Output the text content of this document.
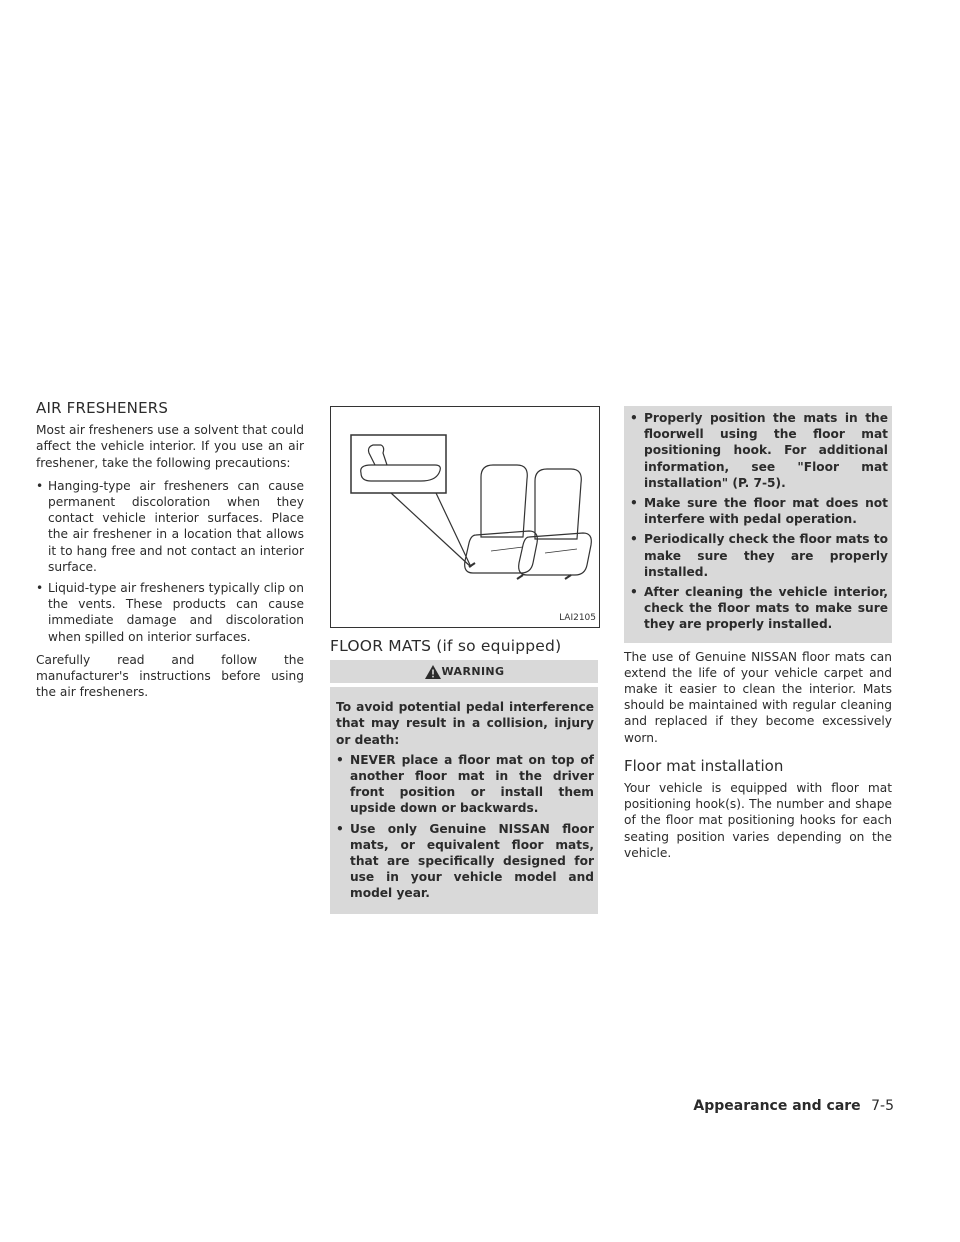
AIR FRESHENERS

Most air fresheners use a solvent that could affect the vehicle interior. If you use an air freshener, take the following precautions:

• Hanging-type air fresheners can cause permanent discoloration when they contact vehicle interior surfaces. Place the air freshener in a location that allows it to hang free and not contact an interior surface.
• Liquid-type air fresheners typically clip on the vents. These products can cause immediate damage and discoloration when spilled on interior surfaces.

Carefully read and follow the manufacturer's instructions before using the air fresheners.

LAI2105
FLOOR MATS (if so equipped)
WARNING

To avoid potential pedal interference that may result in a collision, injury or death:

• NEVER place a floor mat on top of another floor mat in the driver front position or install them upside down or backwards.
• Use only Genuine NISSAN floor mats, or equivalent floor mats, that are specifically designed for use in your vehicle model and model year.
• Properly position the mats in the floorwell using the floor mat positioning hook. For additional information, see "Floor mat installation" (P. 7-5).
• Make sure the floor mat does not interfere with pedal operation.
• Periodically check the floor mats to make sure they are properly installed.
• After cleaning the vehicle interior, check the floor mats to make sure they are properly installed.

The use of Genuine NISSAN floor mats can extend the life of your vehicle carpet and make it easier to clean the interior. Mats should be maintained with regular cleaning and replaced if they become excessively worn.

Floor mat installation

Your vehicle is equipped with floor mat positioning hook(s). The number and shape of the floor mat positioning hooks for each seating position varies depending on the vehicle.

Appearance and care 7-5
